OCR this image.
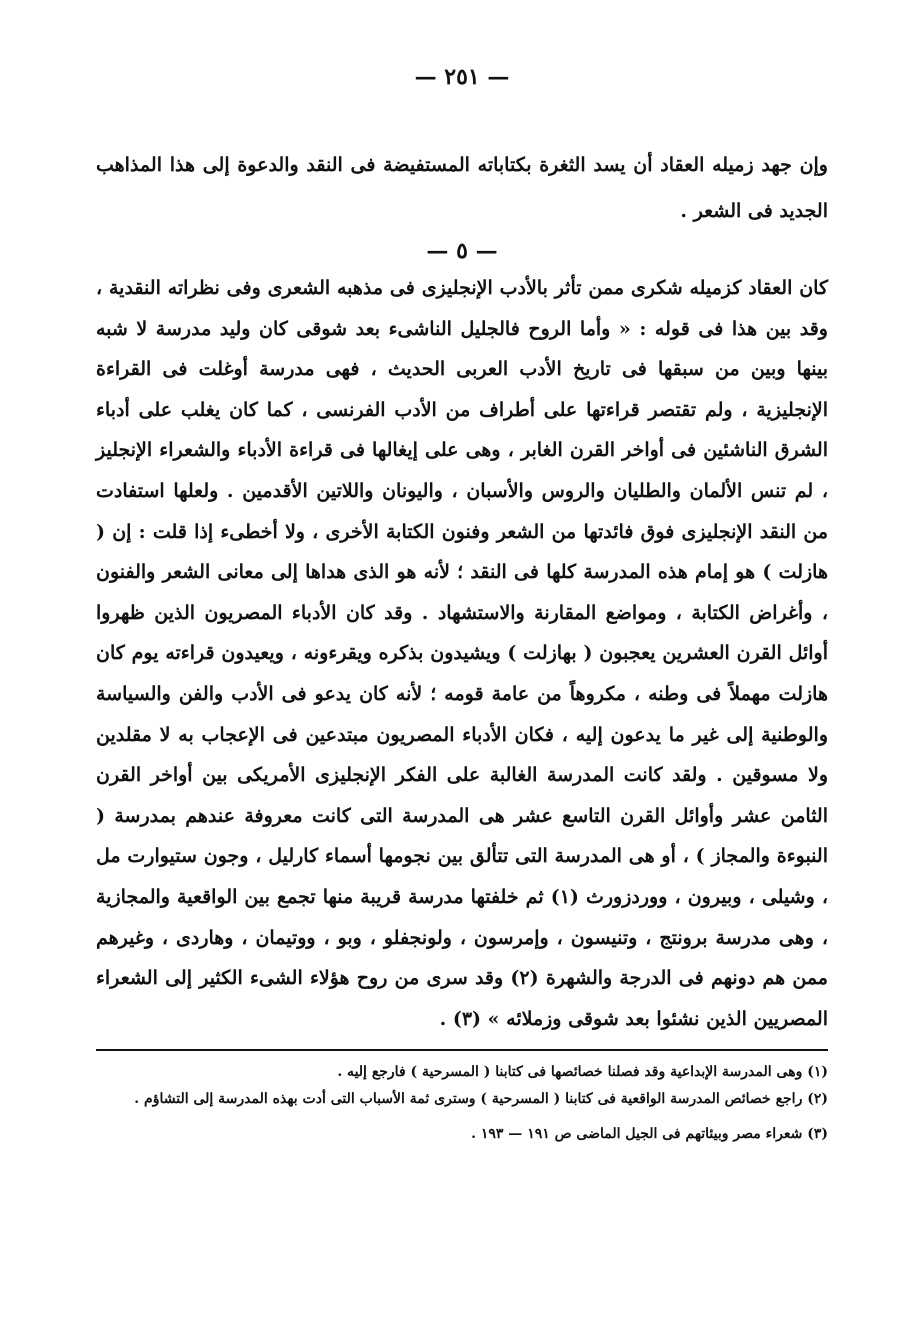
— ٢٥١ —

وإن جهد زميله العقاد أن يسد الثغرة بكتاباته المستفيضة فى النقد والدعوة إلى هذا المذاهب الجديد فى الشعر .

— ٥ —

كان العقاد كزميله شكرى ممن تأثر بالأدب الإنجليزى فى مذهبه الشعرى وفى نظراته النقدية ، وقد بين هذا فى قوله : « وأما الروح فالجليل الناشىء بعد شوقى كان وليد مدرسة لا شبه بينها وبين من سبقها فى تاريخ الأدب العربى الحديث ، فهى مدرسة أوغلت فى القراءة الإنجليزية ، ولم تقتصر قراءتها على أطراف من الأدب الفرنسى ، كما كان يغلب على أدباء الشرق الناشئين فى أواخر القرن الغابر ، وهى على إيغالها فى قراءة الأدباء والشعراء الإنجليز ، لم تنس الألمان والطليان والروس والأسبان ، واليونان واللاتين الأقدمين . ولعلها استفادت من النقد الإنجليزى فوق فائدتها من الشعر وفنون الكتابة الأخرى ، ولا أخطىء إذا قلت : إن ( هازلت ) هو إمام هذه المدرسة كلها فى النقد ؛ لأنه هو الذى هداها إلى معانى الشعر والفنون ، وأغراض الكتابة ، ومواضع المقارنة والاستشهاد . وقد كان الأدباء المصريون الذين ظهروا أوائل القرن العشرين يعجبون ( بهازلت ) ويشيدون بذكره ويقرءونه ، ويعيدون قراءته يوم كان هازلت مهملاً فى وطنه ، مكروهاً من عامة قومه ؛ لأنه كان يدعو فى الأدب والفن والسياسة والوطنية إلى غير ما يدعون إليه ، فكان الأدباء المصريون مبتدعين فى الإعجاب به لا مقلدين ولا مسوقين . ولقد كانت المدرسة الغالبة على الفكر الإنجليزى الأمريكى بين أواخر القرن الثامن عشر وأوائل القرن التاسع عشر هى المدرسة التى كانت معروفة عندهم بمدرسة ( النبوءة والمجاز ) ، أو هى المدرسة التى تتألق بين نجومها أسماء كارليل ، وجون ستيوارت مل ، وشيلى ، وبيرون ، ووردزورث (١) ثم خلفتها مدرسة قريبة منها تجمع بين الواقعية والمجازية ، وهى مدرسة برونتج ، وتنيسون ، وإمرسون ، ولونجفلو ، وبو ، ووتيمان ، وهاردى ، وغيرهم ممن هم دونهم فى الدرجة والشهرة (٢) وقد سرى من روح هؤلاء الشىء الكثير إلى الشعراء المصريين الذين نشئوا بعد شوقى وزملائه » (٣) .

(١) وهى المدرسة الإبداعية وقد فصلنا خصائصها فى كتابنا ( المسرحية ) فارجع إليه .

(٢) راجع خصائص المدرسة الواقعية فى كتابنا ( المسرحية ) وسترى ثمة الأسباب التى أدت بهذه المدرسة إلى التشاؤم .

(٣) شعراء مصر وبيئاتهم فى الجيل الماضى ص ١٩١ — ١٩٣ .
